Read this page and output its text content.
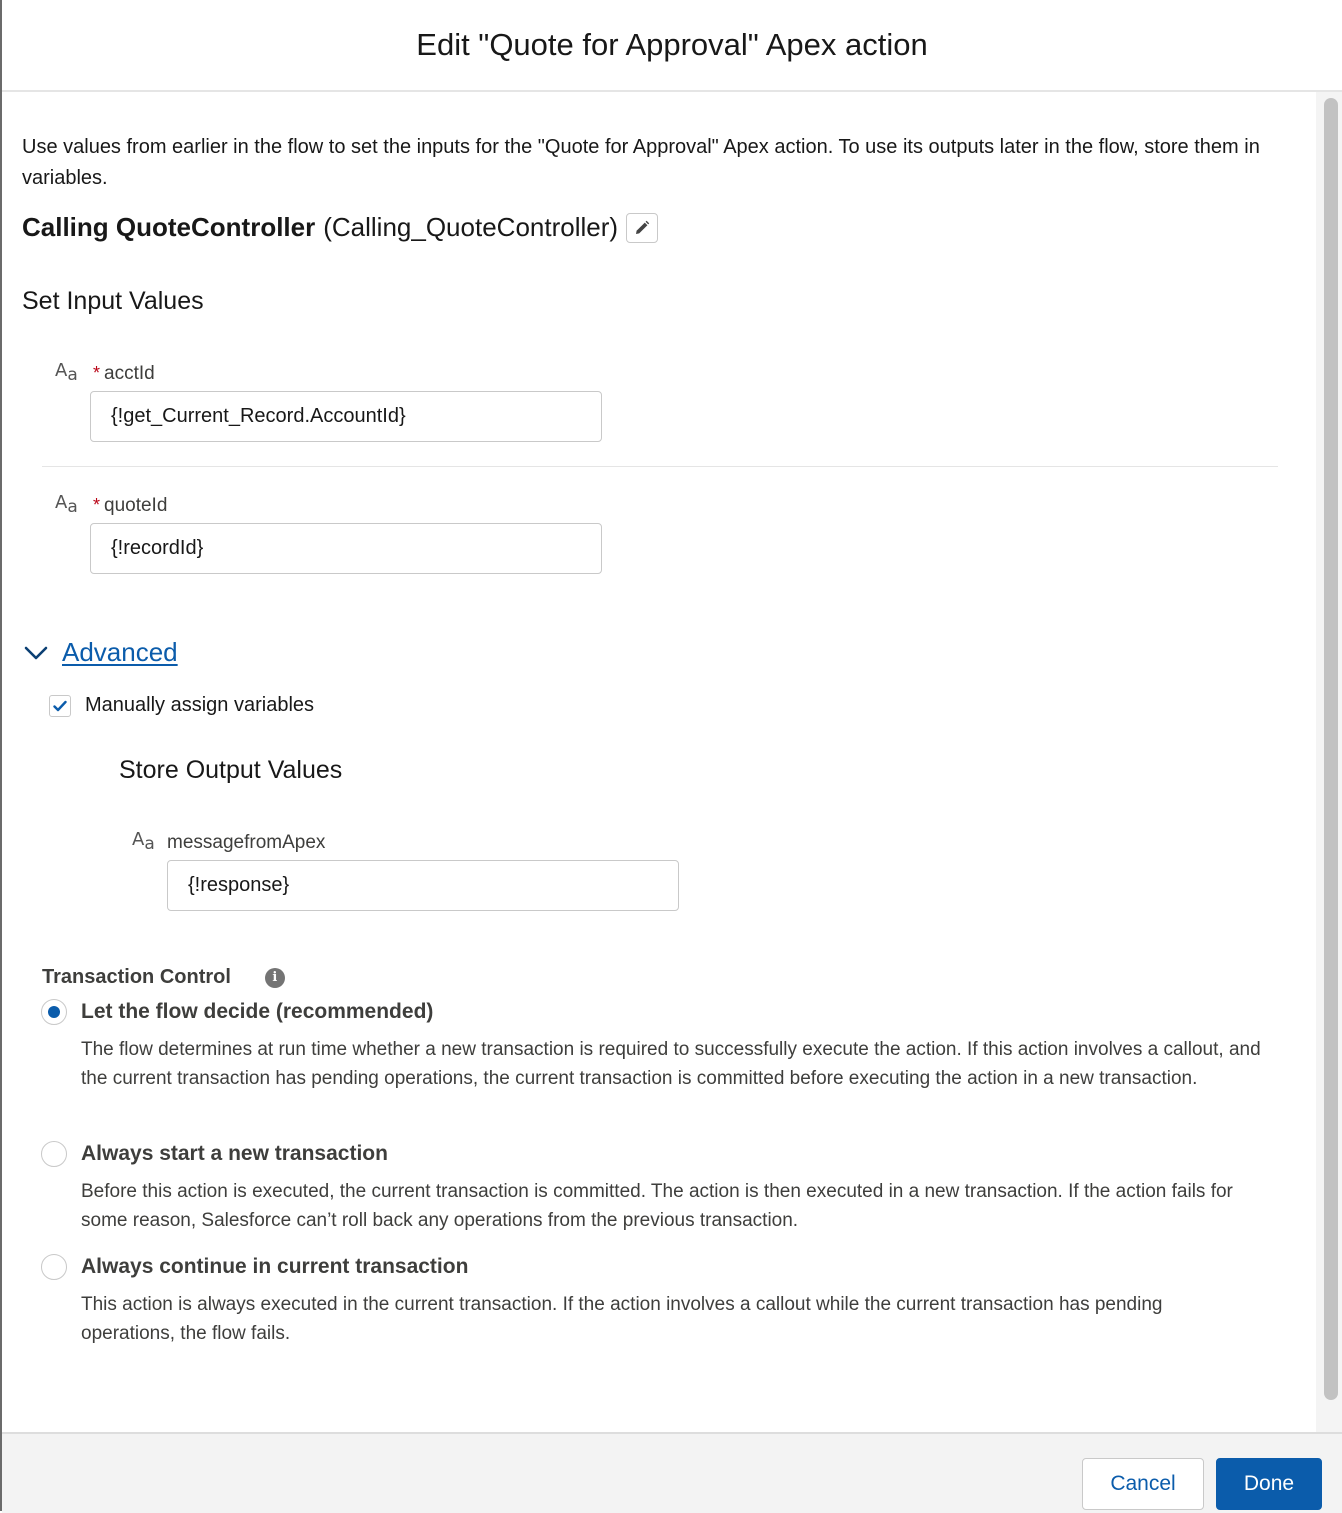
Edit "Quote for Approval" Apex action
Use values from earlier in the flow to set the inputs for the "Quote for Approval" Apex action. To use its outputs later in the flow, store them in variables.
Calling QuoteController (Calling_QuoteController)
Set Input Values
$A_a$ * acctId
{!get_Current_Record.AccountId}
$A_a$ * quoteId
{!recordId}
Advanced
Manually assign variables
Store Output Values
$A_a$ messagefromApex
{!response}
Transaction Control	i
Let the flow decide (recommended)
The flow determines at run time whether a new transaction is required to successfully execute the action. If this action involves a callout, and the current transaction has pending operations, the current transaction is committed before executing the action in a new transaction.
Always start a new transaction
Before this action is executed, the current transaction is committed. The action is then executed in a new transaction. If the action fails for some reason, Salesforce can’t roll back any operations from the previous transaction.
Always continue in current transaction
This action is always executed in the current transaction. If the action involves a callout while the current transaction has pending operations, the flow fails.
Cancel	Done
